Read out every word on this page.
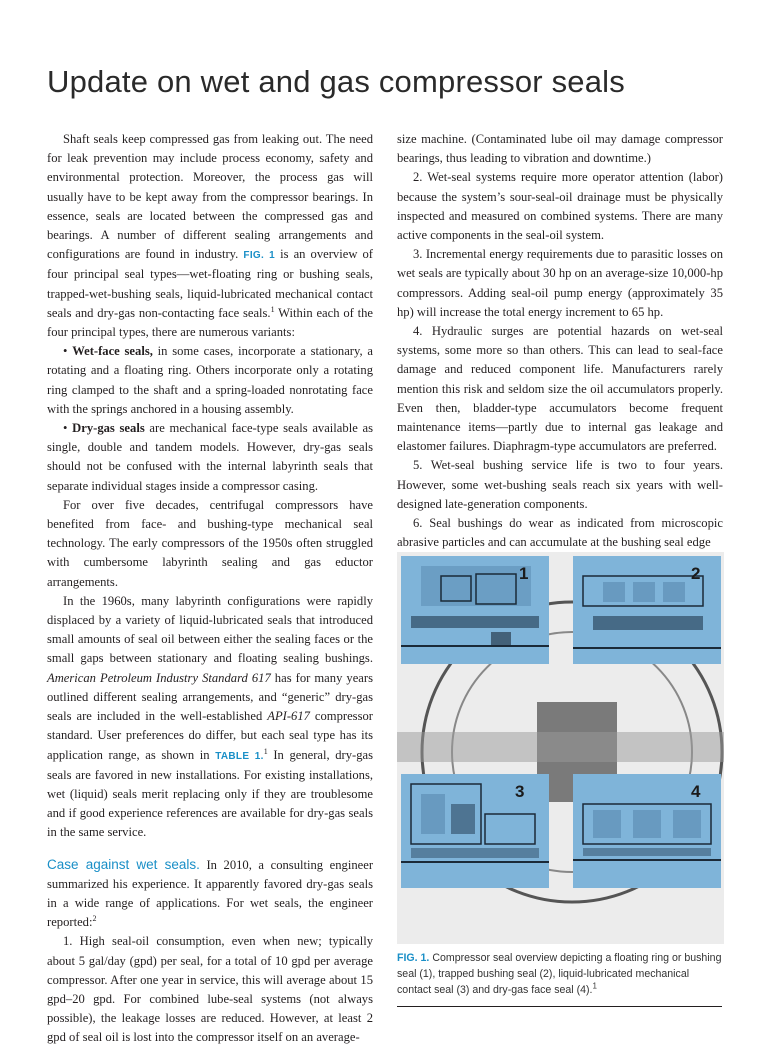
Update on wet and gas compressor seals

Shaft seals keep compressed gas from leaking out. The need for leak prevention may include process economy, safety and environmental protection. Moreover, the process gas will usually have to be kept away from the compressor bearings. In essence, seals are located between the compressed gas and bearings. A number of different sealing arrangements and configurations are found in industry. FIG. 1 is an overview of four principal seal types—wet-floating ring or bushing seals, trapped-wet-bushing seals, liquid-lubricated mechanical contact seals and dry-gas non-contacting face seals.$^1$ Within each of the four principal types, there are numerous variants:

• Wet-face seals, in some cases, incorporate a stationary, a rotating and a floating ring. Others incorporate only a rotating ring clamped to the shaft and a spring-loaded nonrotating face with the springs anchored in a housing assembly.

• Dry-gas seals are mechanical face-type seals available as single, double and tandem models. However, dry-gas seals should not be confused with the internal labyrinth seals that separate individual stages inside a compressor casing.

For over five decades, centrifugal compressors have benefited from face- and bushing-type mechanical seal technology. The early compressors of the 1950s often struggled with cumbersome labyrinth sealing and gas eductor arrangements.

In the 1960s, many labyrinth configurations were rapidly displaced by a variety of liquid-lubricated seals that introduced small amounts of seal oil between either the sealing faces or the small gaps between stationary and floating sealing bushings. American Petroleum Industry Standard 617 has for many years outlined different sealing arrangements, and “generic” dry-gas seals are included in the well-established API-617 compressor standard. User preferences do differ, but each seal type has its application range, as shown in TABLE 1.$^1$ In general, dry-gas seals are favored in new installations. For existing installations, wet (liquid) seals merit replacing only if they are troublesome and if good experience references are available for dry-gas seals in the same service.

Case against wet seals. In 2010, a consulting engineer summarized his experience. It apparently favored dry-gas seals in a wide range of applications. For wet seals, the engineer reported:$^2$

1. High seal-oil consumption, even when new; typically about 5 gal/day (gpd) per seal, for a total of 10 gpd per average compressor. After one year in service, this will average about 15 gpd–20 gpd. For combined lube-seal systems (not always possible), the leakage losses are reduced. However, at least 2 gpd of seal oil is lost into the compressor itself on an average-

size machine. (Contaminated lube oil may damage compressor bearings, thus leading to vibration and downtime.)

2. Wet-seal systems require more operator attention (labor) because the system’s sour-seal-oil drainage must be physically inspected and measured on combined systems. There are many active components in the seal-oil system.

3. Incremental energy requirements due to parasitic losses on wet seals are typically about 30 hp on an average-size 10,000-hp compressors. Adding seal-oil pump energy (approximately 35 hp) will increase the total energy increment to 65 hp.

4. Hydraulic surges are potential hazards on wet-seal systems, some more so than others. This can lead to seal-face damage and reduced component life. Manufacturers rarely mention this risk and seldom size the oil accumulators properly. Even then, bladder-type accumulators become frequent maintenance items—partly due to internal gas leakage and elastomer failures. Diaphragm-type accumulators are preferred.

5. Wet-seal bushing service life is two to four years. However, some wet-bushing seals reach six years with well-designed late-generation components.

6. Seal bushings do wear as indicated from microscopic abrasive particles and can accumulate at the bushing seal edge

1	2
3	4
FIG. 1. Compressor seal overview depicting a floating ring or bushing seal (1), trapped bushing seal (2), liquid-lubricated mechanical contact seal (3) and dry-gas face seal (4).$^1$
